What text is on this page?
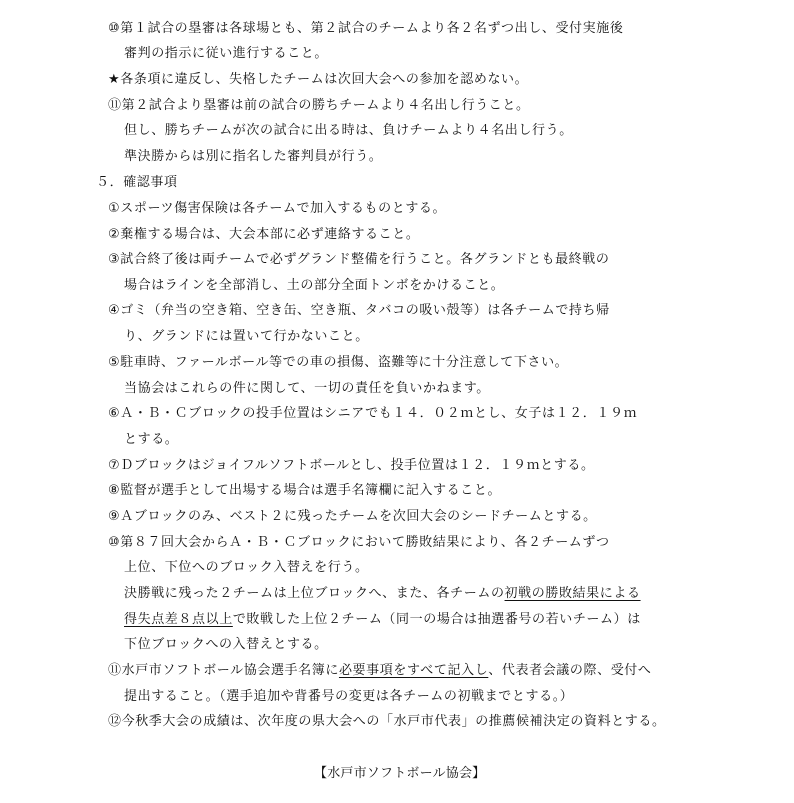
⑩第１試合の塁審は各球場とも、第２試合のチームより各２名ずつ出し、受付実施後
審判の指示に従い進行すること。
★各条項に違反し、失格したチームは次回大会への参加を認めない。
⑪第２試合より塁審は前の試合の勝ちチームより４名出し行うこと。
但し、勝ちチームが次の試合に出る時は、負けチームより４名出し行う。
準決勝からは別に指名した審判員が行う。
５．確認事項
①スポーツ傷害保険は各チームで加入するものとする。
②棄権する場合は、大会本部に必ず連絡すること。
③試合終了後は両チームで必ずグランド整備を行うこと。各グランドとも最終戦の
場合はラインを全部消し、土の部分全面トンボをかけること。
④ゴミ（弁当の空き箱、空き缶、空き瓶、タバコの吸い殻等）は各チームで持ち帰
り、グランドには置いて行かないこと。
⑤駐車時、ファールボール等での車の損傷、盗難等に十分注意して下さい。
当協会はこれらの件に関して、一切の責任を負いかねます。
⑥Ａ・Ｂ・Ｃブロックの投手位置はシニアでも１４．０２ｍとし、女子は１２．１９ｍ
とする。
⑦Ｄブロックはジョイフルソフトボールとし、投手位置は１２．１９ｍとする。
⑧監督が選手として出場する場合は選手名簿欄に記入すること。
⑨Ａブロックのみ、ベスト２に残ったチームを次回大会のシードチームとする。
⑩第８７回大会からＡ・Ｂ・Ｃブロックにおいて勝敗結果により、各２チームずつ
上位、下位へのブロック入替えを行う。
決勝戦に残った２チームは上位ブロックへ、また、各チームの初戦の勝敗結果による
得失点差８点以上で敗戦した上位２チーム（同一の場合は抽選番号の若いチーム）は
下位ブロックへの入替えとする。
⑪水戸市ソフトボール協会選手名簿に必要事項をすべて記入し、代表者会議の際、受付へ
提出すること。（選手追加や背番号の変更は各チームの初戦までとする。）
⑫今秋季大会の成績は、次年度の県大会への「水戸市代表」の推薦候補決定の資料とする。
【水戸市ソフトボール協会】
